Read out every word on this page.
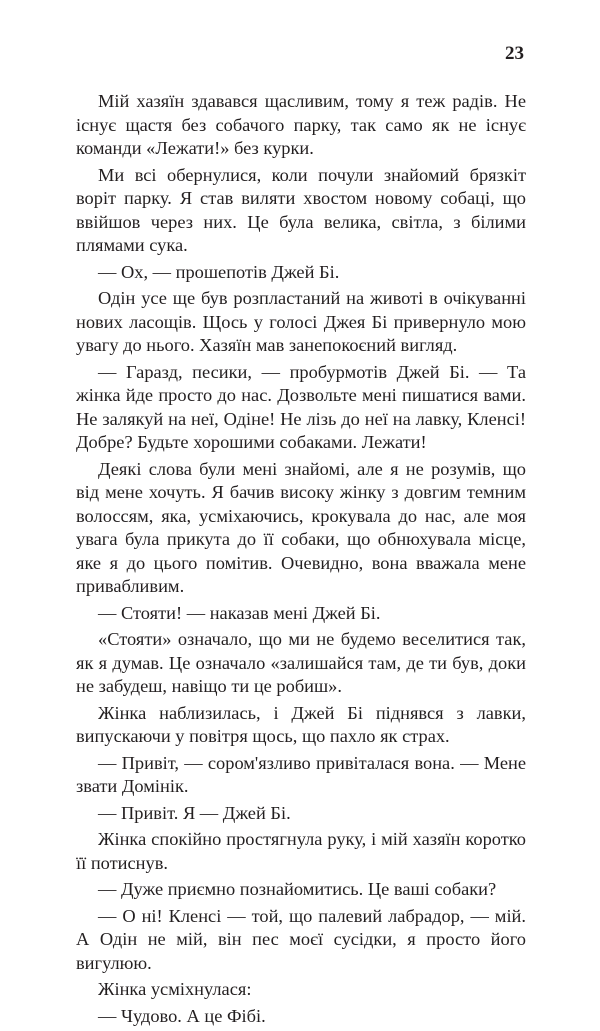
23

Мій хазяїн здавався щасливим, тому я теж радів. Не існує щастя без собачого парку, так само як не існує команди «Лежати!» без курки.

Ми всі обернулися, коли почули знайомий брязкіт воріт парку. Я став виляти хвостом новому собаці, що ввійшов через них. Це була велика, світла, з білими плямами сука.

— Ох, — прошепотів Джей Бі.

Одін усе ще був розпластаний на животі в очікуванні нових ласощів. Щось у голосі Джея Бі привернуло мою увагу до нього. Хазяїн мав занепокоєний вигляд.

— Гаразд, песики, — пробурмотів Джей Бі. — Та жінка йде просто до нас. Дозвольте мені пишатися вами. Не залякуй на неї, Одіне! Не лізь до неї на лавку, Кленсі! Добре? Будьте хорошими собаками. Лежати!

Деякі слова були мені знайомі, але я не розумів, що від мене хочуть. Я бачив високу жінку з довгим темним волоссям, яка, усміхаючись, крокувала до нас, але моя увага була прикута до її собаки, що обнюхувала місце, яке я до цього помітив. Очевидно, вона вважала мене привабливим.

— Стояти! — наказав мені Джей Бі.

«Стояти» означало, що ми не будемо веселитися так, як я думав. Це означало «залишайся там, де ти був, доки не забудеш, навіщо ти це робиш».

Жінка наблизилась, і Джей Бі піднявся з лавки, випускаючи у повітря щось, що пахло як страх.

— Привіт, — сором'язливо привіталася вона. — Мене звати Домінік.

— Привіт. Я — Джей Бі.

Жінка спокійно простягнула руку, і мій хазяїн коротко її потиснув.

— Дуже приємно познайомитись. Це ваші собаки?

— О ні! Кленсі — той, що палевий лабрадор, — мій. А Одін не мій, він пес моєї сусідки, я просто його вигулюю.

Жінка усміхнулася:

— Чудово. А це Фібі.
